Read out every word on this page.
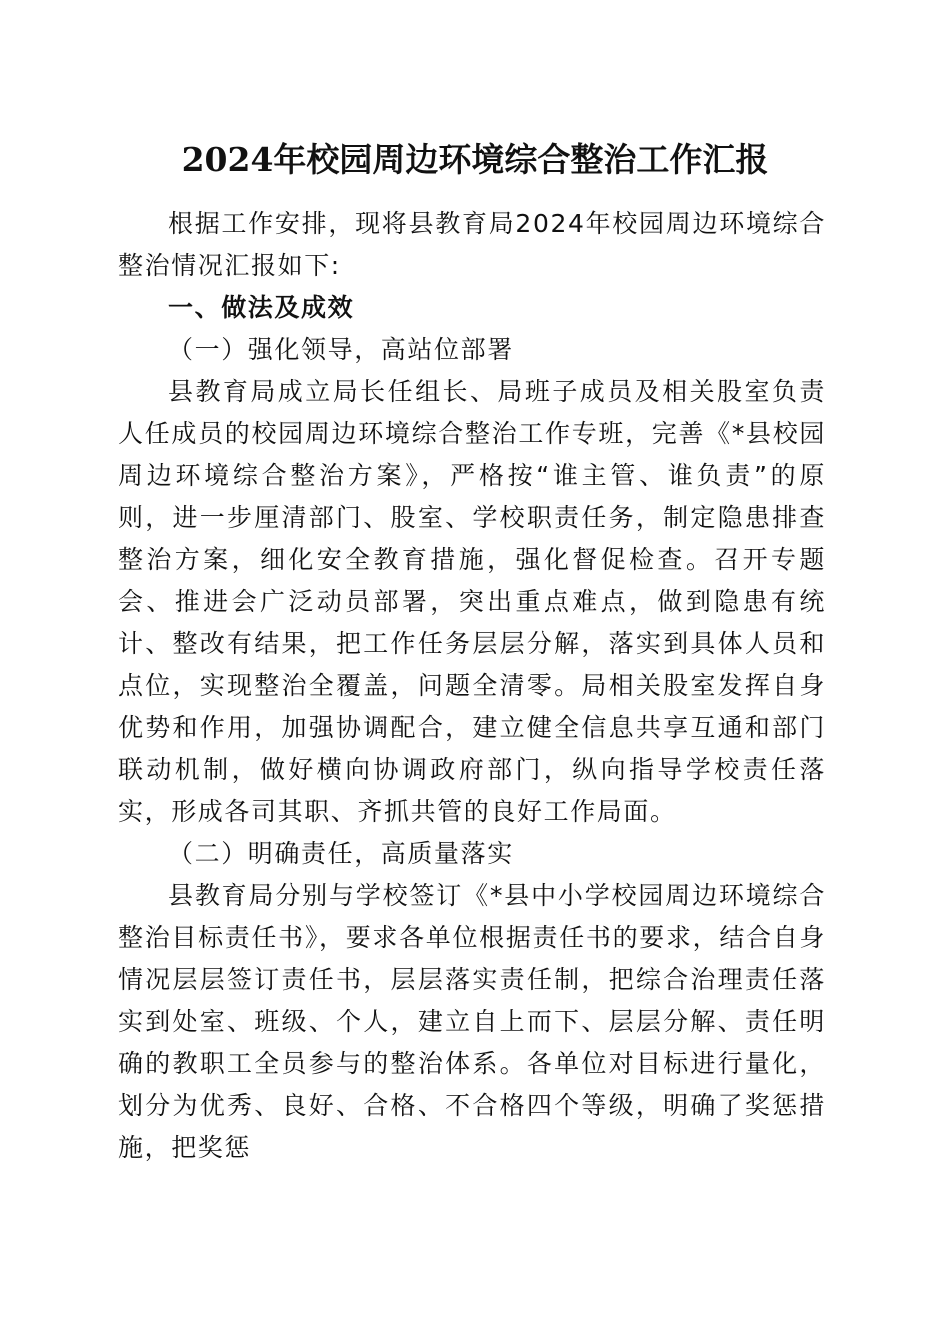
2024年校园周边环境综合整治工作汇报

根据工作安排，现将县教育局2024年校园周边环境综合整治情况汇报如下:

一、做法及成效

（一）强化领导，高站位部署

县教育局成立局长任组长、局班子成员及相关股室负责人任成员的校园周边环境综合整治工作专班，完善《*县校园周边环境综合整治方案》，严格按“谁主管、谁负责”的原则，进一步厘清部门、股室、学校职责任务，制定隐患排查整治方案，细化安全教育措施，强化督促检查。召开专题会、推进会广泛动员部署，突出重点难点，做到隐患有统计、整改有结果，把工作任务层层分解，落实到具体人员和点位，实现整治全覆盖，问题全清零。局相关股室发挥自身优势和作用，加强协调配合，建立健全信息共享互通和部门联动机制，做好横向协调政府部门，纵向指导学校责任落实，形成各司其职、齐抓共管的良好工作局面。

（二）明确责任，高质量落实

县教育局分别与学校签订《*县中小学校园周边环境综合整治目标责任书》，要求各单位根据责任书的要求，结合自身情况层层签订责任书，层层落实责任制，把综合治理责任落实到处室、班级、个人，建立自上而下、层层分解、责任明确的教职工全员参与的整治体系。各单位对目标进行量化，划分为优秀、良好、合格、不合格四个等级，明确了奖惩措施，把奖惩
